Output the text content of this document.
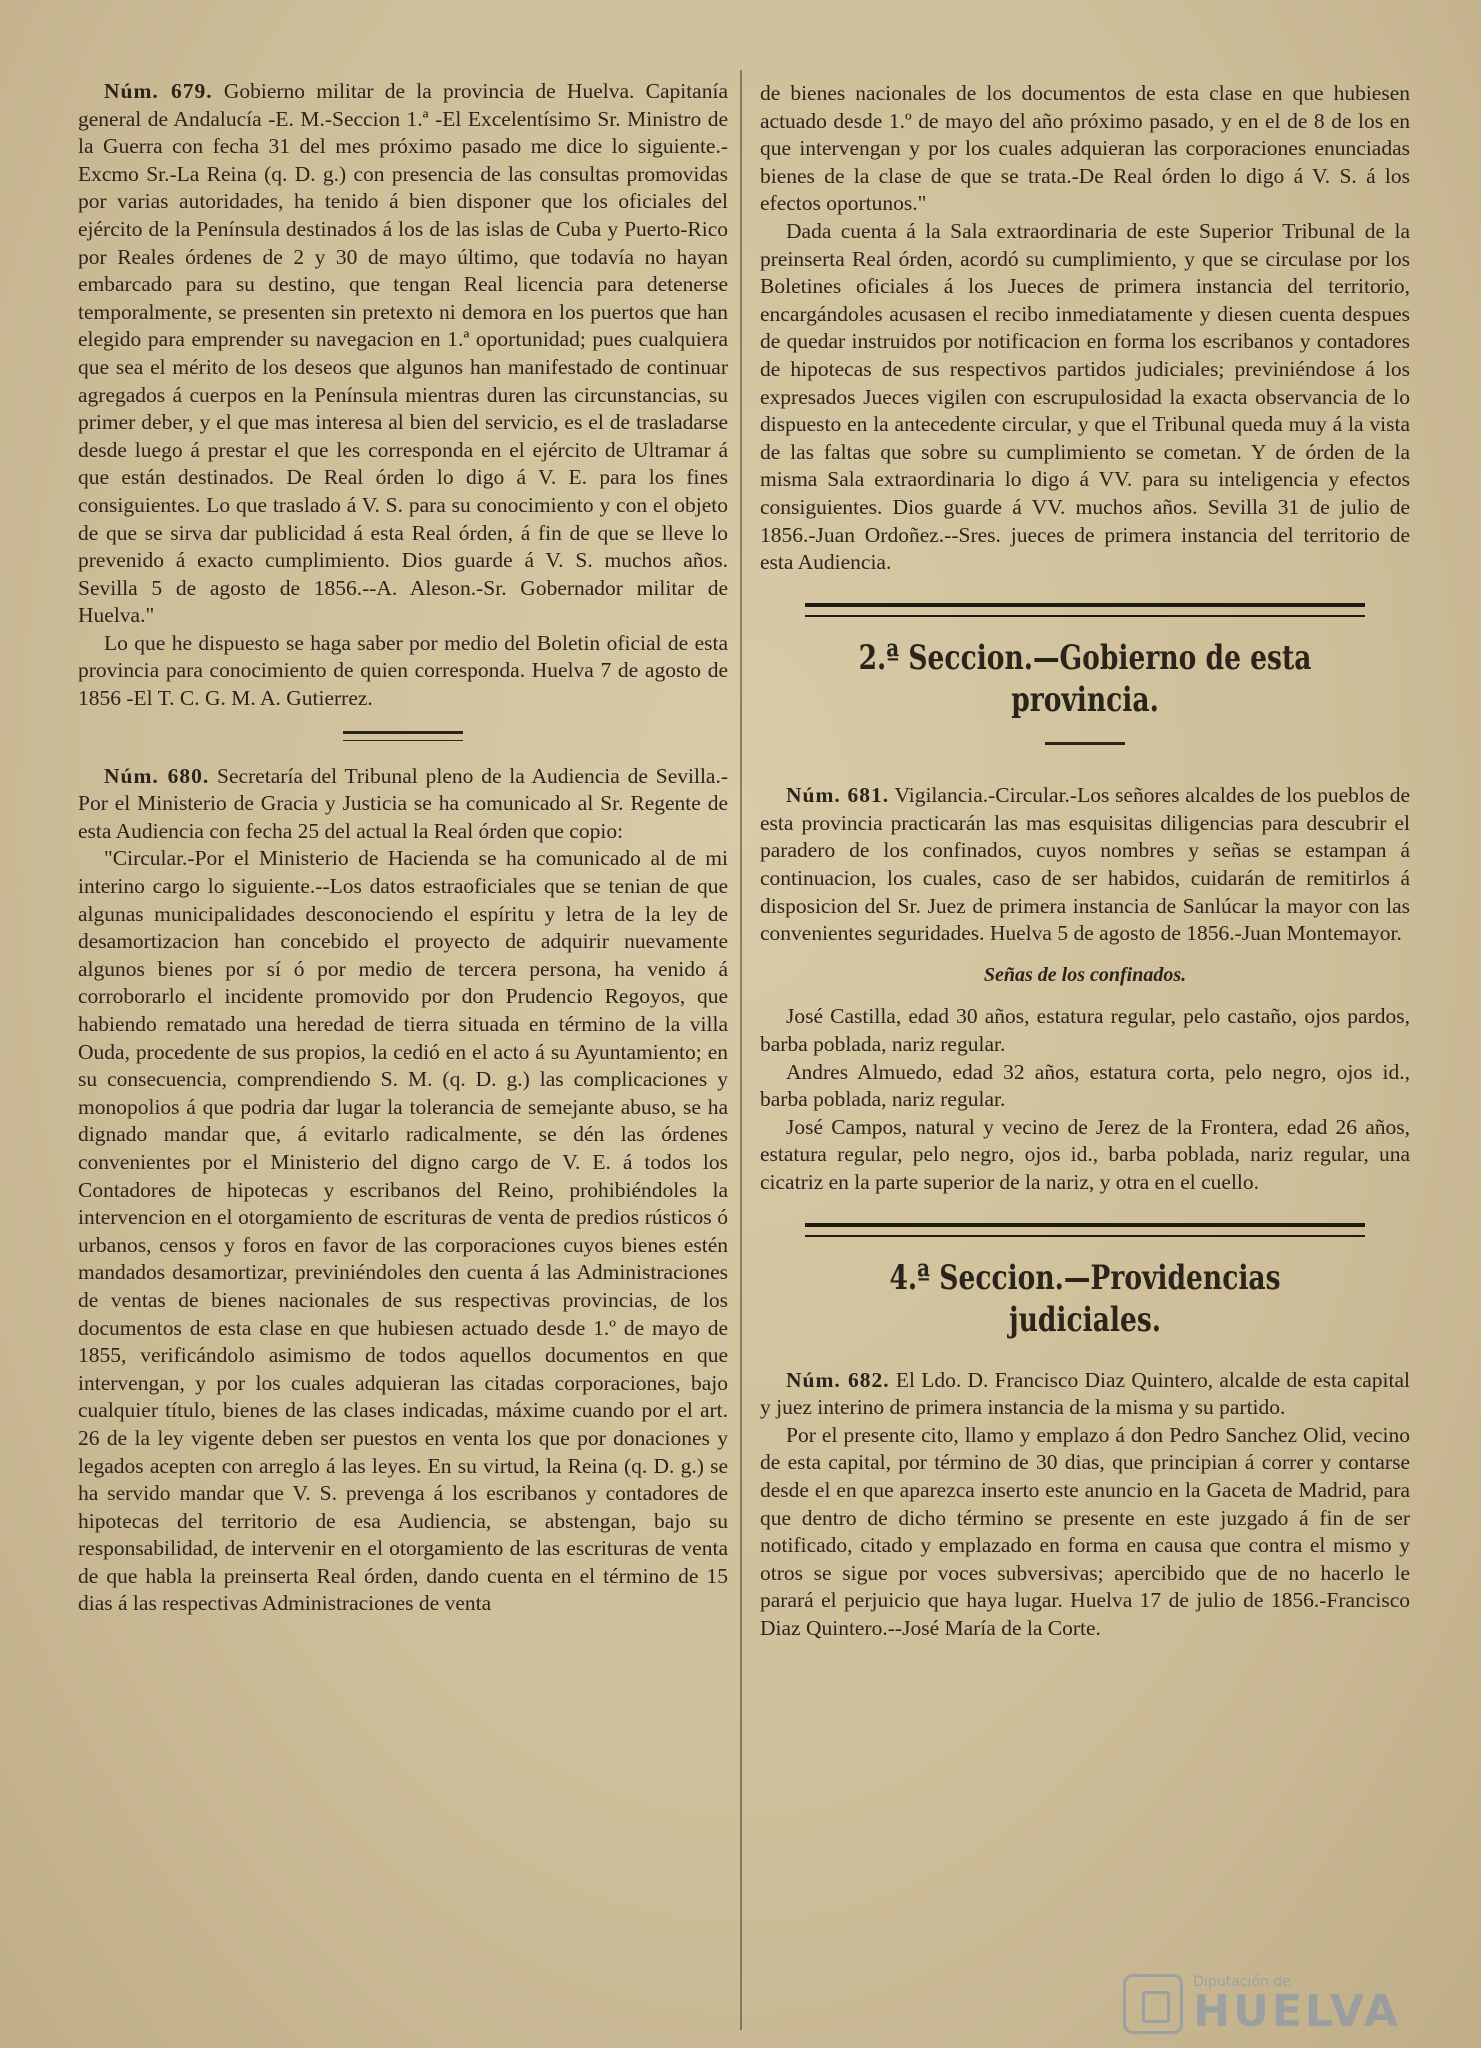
Núm. 679. Gobierno militar de la provincia de Huelva. Capitanía general de Andalucía -E. M.-Seccion 1.ª -El Excelentísimo Sr. Ministro de la Guerra con fecha 31 del mes próximo pasado me dice lo siguiente.-Excmo Sr.-La Reina (q. D. g.) con presencia de las consultas promovidas por varias autoridades, ha tenido á bien disponer que los oficiales del ejército de la Península destinados á los de las islas de Cuba y Puerto-Rico por Reales órdenes de 2 y 30 de mayo último, que todavía no hayan embarcado para su destino, que tengan Real licencia para detenerse temporalmente, se presenten sin pretexto ni demora en los puertos que han elegido para emprender su navegacion en 1.ª oportunidad; pues cualquiera que sea el mérito de los deseos que algunos han manifestado de continuar agregados á cuerpos en la Península mientras duren las circunstancias, su primer deber, y el que mas interesa al bien del servicio, es el de trasladarse desde luego á prestar el que les corresponda en el ejército de Ultramar á que están destinados. De Real órden lo digo á V. E. para los fines consiguientes. Lo que traslado á V. S. para su conocimiento y con el objeto de que se sirva dar publicidad á esta Real órden, á fin de que se lleve lo prevenido á exacto cumplimiento. Dios guarde á V. S. muchos años. Sevilla 5 de agosto de 1856.--A. Aleson.-Sr. Gobernador militar de Huelva."

Lo que he dispuesto se haga saber por medio del Boletin oficial de esta provincia para conocimiento de quien corresponda. Huelva 7 de agosto de 1856 -El T. C. G. M. A. Gutierrez.

Núm. 680. Secretaría del Tribunal pleno de la Audiencia de Sevilla.-Por el Ministerio de Gracia y Justicia se ha comunicado al Sr. Regente de esta Audiencia con fecha 25 del actual la Real órden que copio:

"Circular.-Por el Ministerio de Hacienda se ha comunicado al de mi interino cargo lo siguiente.--Los datos estraoficiales que se tenian de que algunas municipalidades desconociendo el espíritu y letra de la ley de desamortizacion han concebido el proyecto de adquirir nuevamente algunos bienes por sí ó por medio de tercera persona, ha venido á corroborarlo el incidente promovido por don Prudencio Regoyos, que habiendo rematado una heredad de tierra situada en término de la villa Ouda, procedente de sus propios, la cedió en el acto á su Ayuntamiento; en su consecuencia, comprendiendo S. M. (q. D. g.) las complicaciones y monopolios á que podria dar lugar la tolerancia de semejante abuso, se ha dignado mandar que, á evitarlo radicalmente, se dén las órdenes convenientes por el Ministerio del digno cargo de V. E. á todos los Contadores de hipotecas y escribanos del Reino, prohibiéndoles la intervencion en el otorgamiento de escrituras de venta de predios rústicos ó urbanos, censos y foros en favor de las corporaciones cuyos bienes estén mandados desamortizar, previniéndoles den cuenta á las Administraciones de ventas de bienes nacionales de sus respectivas provincias, de los documentos de esta clase en que hubiesen actuado desde 1.º de mayo de 1855, verificándolo asimismo de todos aquellos documentos en que intervengan, y por los cuales adquieran las citadas corporaciones, bajo cualquier título, bienes de las clases indicadas, máxime cuando por el art. 26 de la ley vigente deben ser puestos en venta los que por donaciones y legados acepten con arreglo á las leyes. En su virtud, la Reina (q. D. g.) se ha servido mandar que V. S. prevenga á los escribanos y contadores de hipotecas del territorio de esa Audiencia, se abstengan, bajo su responsabilidad, de intervenir en el otorgamiento de las escrituras de venta de que habla la preinserta Real órden, dando cuenta en el término de 15 dias á las respectivas Administraciones de venta

de bienes nacionales de los documentos de esta clase en que hubiesen actuado desde 1.º de mayo del año próximo pasado, y en el de 8 de los en que intervengan y por los cuales adquieran las corporaciones enunciadas bienes de la clase de que se trata.-De Real órden lo digo á V. S. á los efectos oportunos."

Dada cuenta á la Sala extraordinaria de este Superior Tribunal de la preinserta Real órden, acordó su cumplimiento, y que se circulase por los Boletines oficiales á los Jueces de primera instancia del territorio, encargándoles acusasen el recibo inmediatamente y diesen cuenta despues de quedar instruidos por notificacion en forma los escribanos y contadores de hipotecas de sus respectivos partidos judiciales; previniéndose á los expresados Jueces vigilen con escrupulosidad la exacta observancia de lo dispuesto en la antecedente circular, y que el Tribunal queda muy á la vista de las faltas que sobre su cumplimiento se cometan. Y de órden de la misma Sala extraordinaria lo digo á VV. para su inteligencia y efectos consiguientes. Dios guarde á VV. muchos años. Sevilla 31 de julio de 1856.-Juan Ordoñez.--Sres. jueces de primera instancia del territorio de esta Audiencia.

2.ª Seccion.—Gobierno de esta provincia.

Núm. 681. Vigilancia.-Circular.-Los señores alcaldes de los pueblos de esta provincia practicarán las mas esquisitas diligencias para descubrir el paradero de los confinados, cuyos nombres y señas se estampan á continuacion, los cuales, caso de ser habidos, cuidarán de remitirlos á disposicion del Sr. Juez de primera instancia de Sanlúcar la mayor con las convenientes seguridades. Huelva 5 de agosto de 1856.-Juan Montemayor.

Señas de los confinados.

José Castilla, edad 30 años, estatura regular, pelo castaño, ojos pardos, barba poblada, nariz regular.

Andres Almuedo, edad 32 años, estatura corta, pelo negro, ojos id., barba poblada, nariz regular.

José Campos, natural y vecino de Jerez de la Frontera, edad 26 años, estatura regular, pelo negro, ojos id., barba poblada, nariz regular, una cicatriz en la parte superior de la nariz, y otra en el cuello.

4.ª Seccion.—Providencias judiciales.

Núm. 682. El Ldo. D. Francisco Diaz Quintero, alcalde de esta capital y juez interino de primera instancia de la misma y su partido.

Por el presente cito, llamo y emplazo á don Pedro Sanchez Olid, vecino de esta capital, por término de 30 dias, que principian á correr y contarse desde el en que aparezca inserto este anuncio en la Gaceta de Madrid, para que dentro de dicho término se presente en este juzgado á fin de ser notificado, citado y emplazado en forma en causa que contra el mismo y otros se sigue por voces subversivas; apercibido que de no hacerlo le parará el perjuicio que haya lugar. Huelva 17 de julio de 1856.-Francisco Diaz Quintero.--José María de la Corte.

Diputación de
HUELVA
